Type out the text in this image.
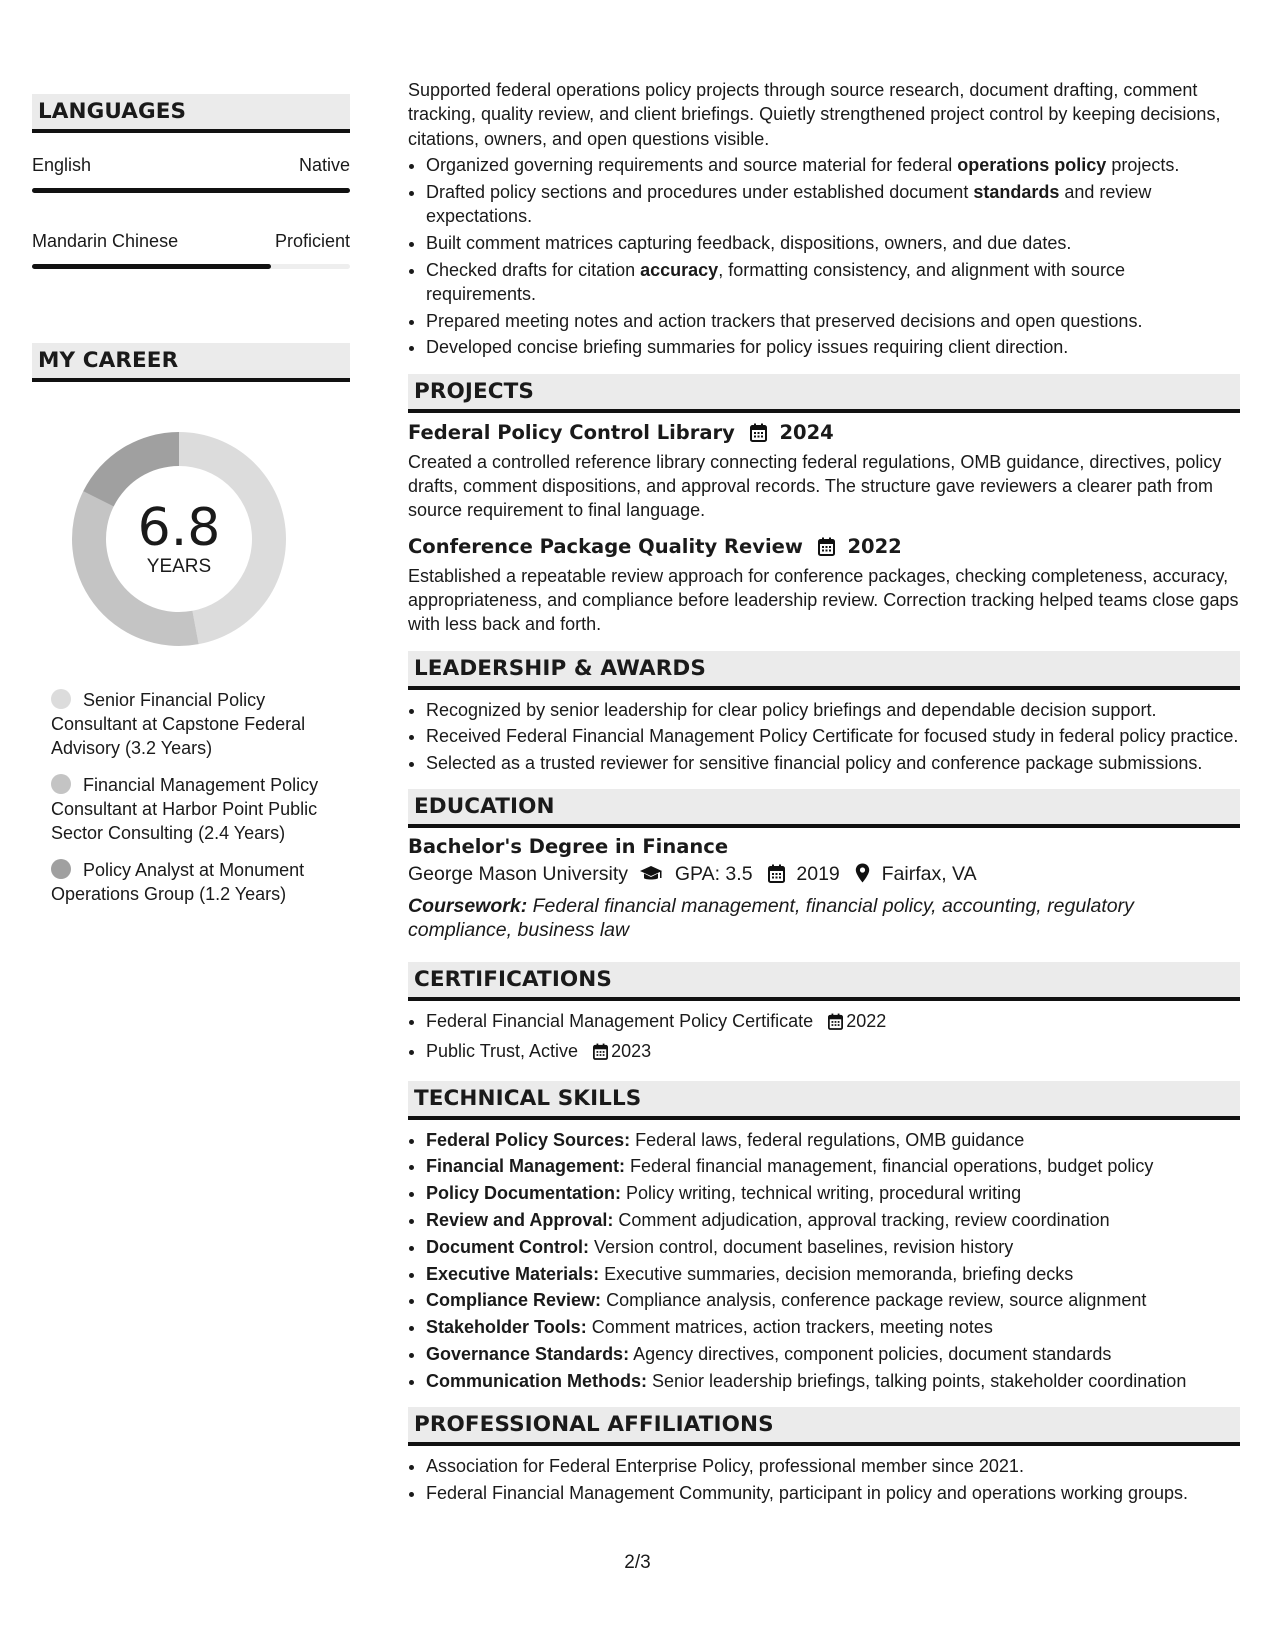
LANGUAGES
English	Native
Mandarin Chinese	Proficient
MY CAREER
6.8
YEARS
Senior Financial Policy Consultant at Capstone Federal Advisory (3.2 Years)
Financial Management Policy Consultant at Harbor Point Public Sector Consulting (2.4 Years)
Policy Analyst at Monument Operations Group (1.2 Years)
Supported federal operations policy projects through source research, document drafting, comment tracking, quality review, and client briefings. Quietly strengthened project control by keeping decisions, citations, owners, and open questions visible.
• Organized governing requirements and source material for federal operations policy projects.
• Drafted policy sections and procedures under established document standards and review expectations.
• Built comment matrices capturing feedback, dispositions, owners, and due dates.
• Checked drafts for citation accuracy, formatting consistency, and alignment with source requirements.
• Prepared meeting notes and action trackers that preserved decisions and open questions.
• Developed concise briefing summaries for policy issues requiring client direction.
PROJECTS
Federal Policy Control Library 2024
Created a controlled reference library connecting federal regulations, OMB guidance, directives, policy drafts, comment dispositions, and approval records. The structure gave reviewers a clearer path from source requirement to final language.
Conference Package Quality Review 2022
Established a repeatable review approach for conference packages, checking completeness, accuracy, appropriateness, and compliance before leadership review. Correction tracking helped teams close gaps with less back and forth.
LEADERSHIP & AWARDS
• Recognized by senior leadership for clear policy briefings and dependable decision support.
• Received Federal Financial Management Policy Certificate for focused study in federal policy practice.
• Selected as a trusted reviewer for sensitive financial policy and conference package submissions.
EDUCATION
Bachelor's Degree in Finance
George Mason University GPA: 3.5 2019 Fairfax, VA
Coursework: Federal financial management, financial policy, accounting, regulatory compliance, business law
CERTIFICATIONS
• Federal Financial Management Policy Certificate 2022
• Public Trust, Active 2023
TECHNICAL SKILLS
• Federal Policy Sources: Federal laws, federal regulations, OMB guidance
• Financial Management: Federal financial management, financial operations, budget policy
• Policy Documentation: Policy writing, technical writing, procedural writing
• Review and Approval: Comment adjudication, approval tracking, review coordination
• Document Control: Version control, document baselines, revision history
• Executive Materials: Executive summaries, decision memoranda, briefing decks
• Compliance Review: Compliance analysis, conference package review, source alignment
• Stakeholder Tools: Comment matrices, action trackers, meeting notes
• Governance Standards: Agency directives, component policies, document standards
• Communication Methods: Senior leadership briefings, talking points, stakeholder coordination
PROFESSIONAL AFFILIATIONS
• Association for Federal Enterprise Policy, professional member since 2021.
• Federal Financial Management Community, participant in policy and operations working groups.
2/3
